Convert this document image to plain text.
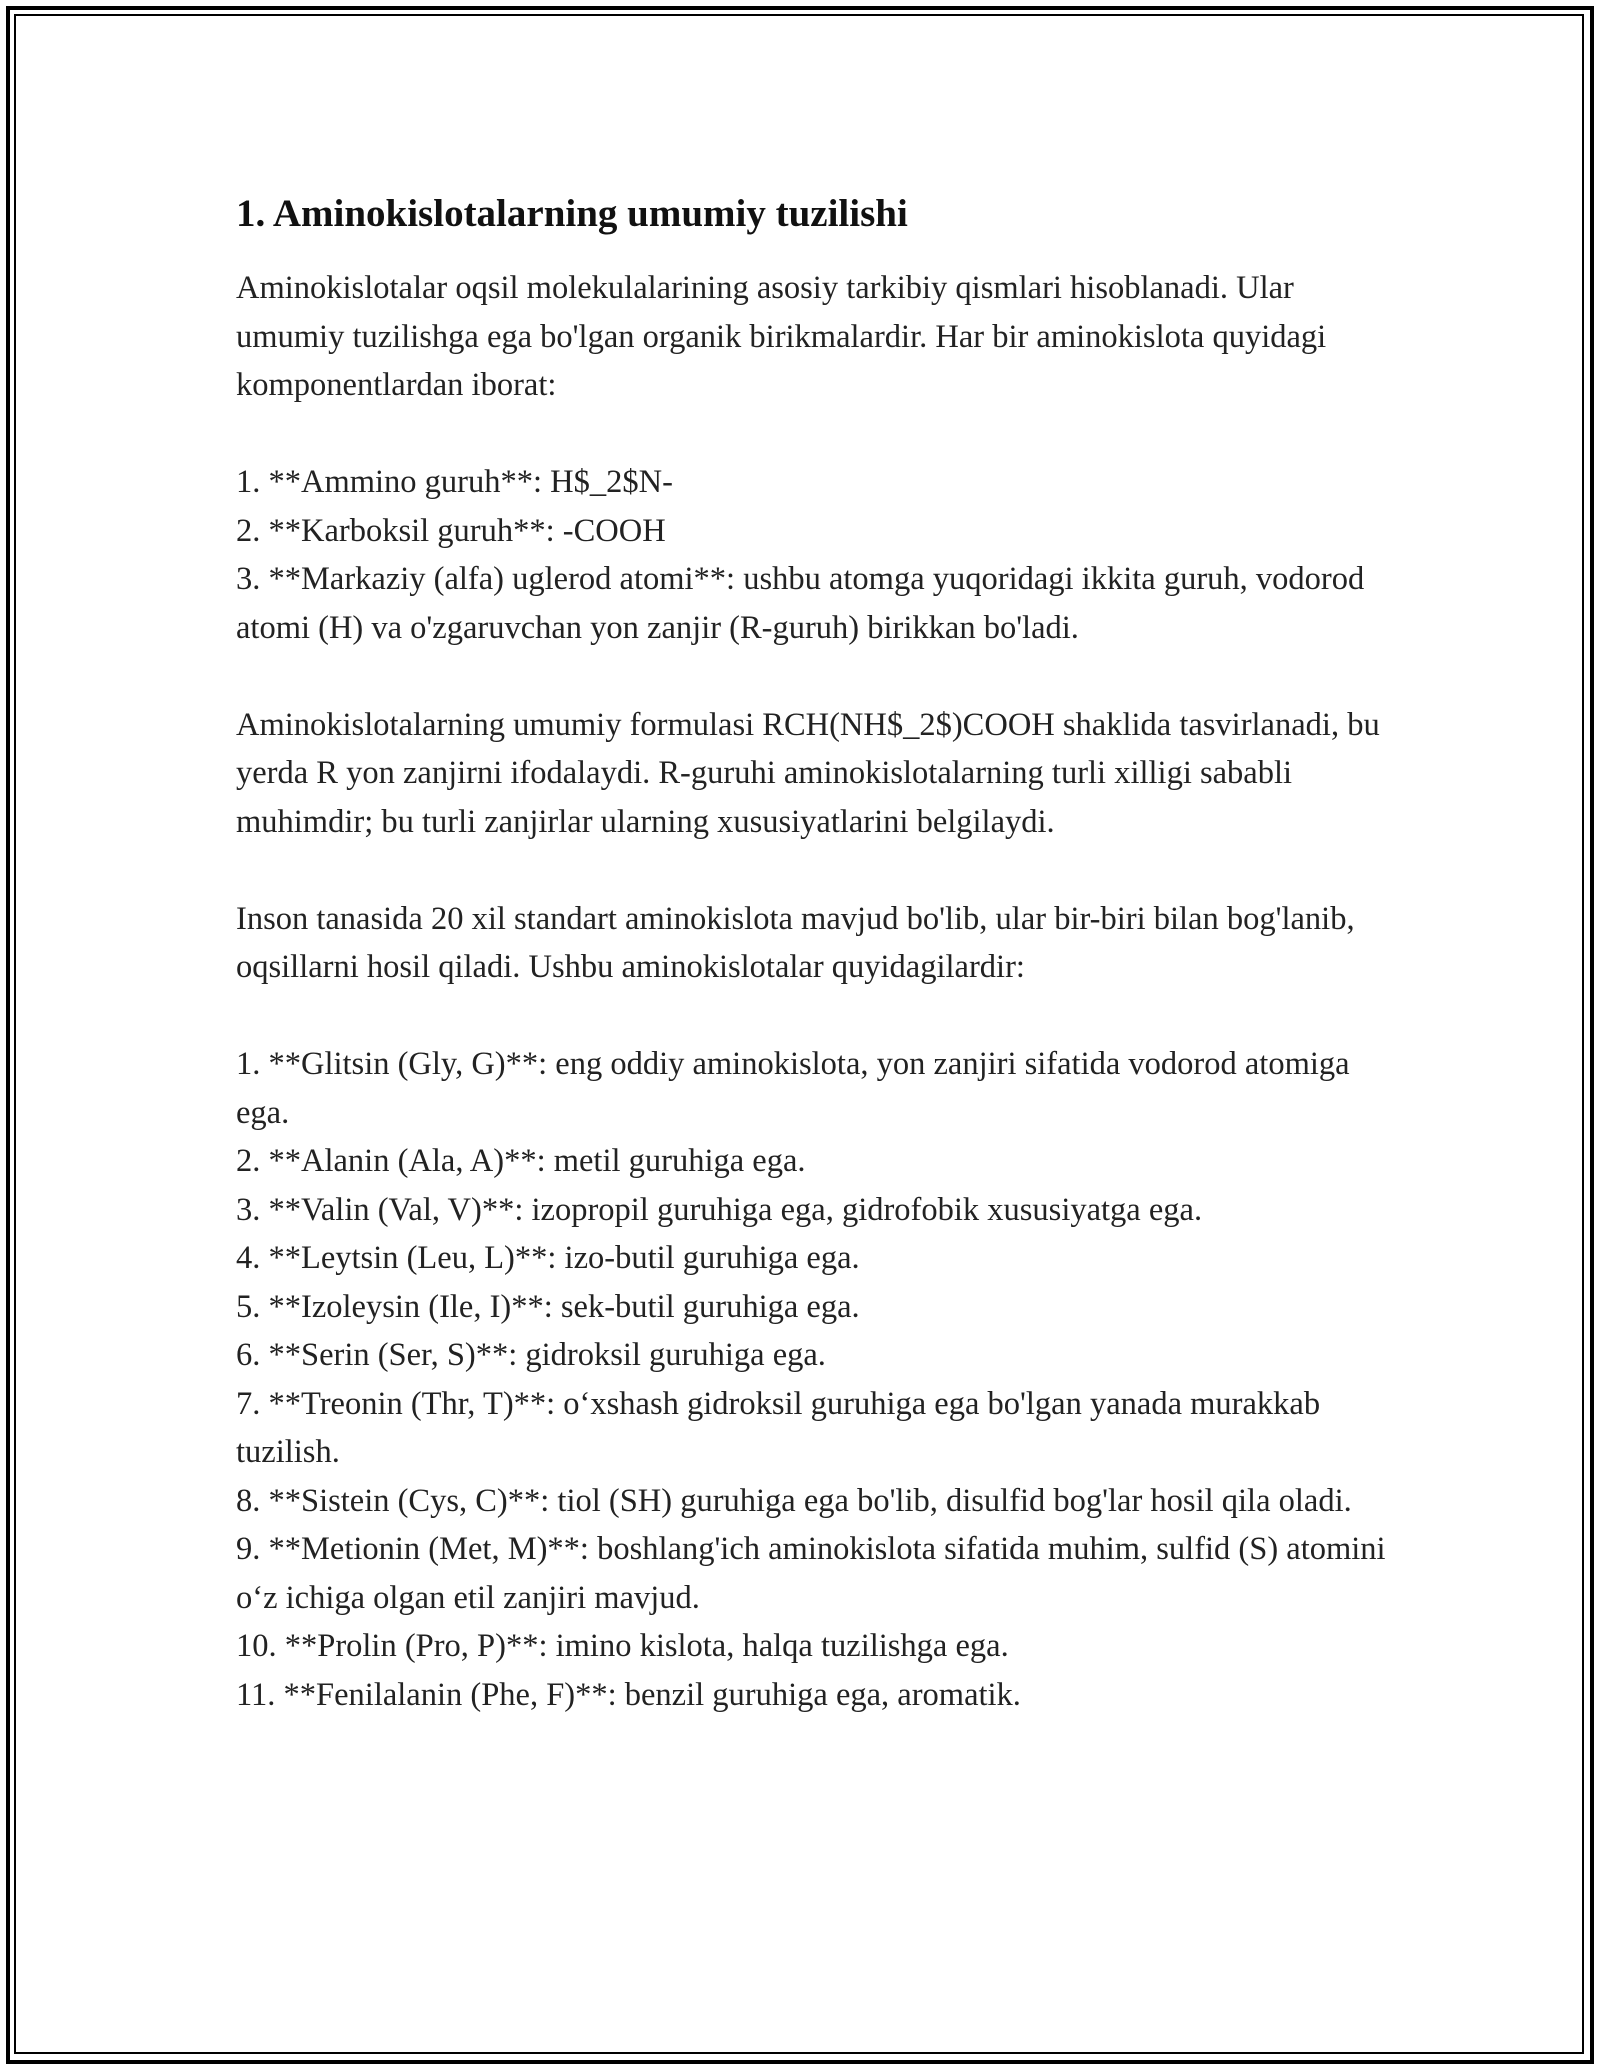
1. Aminokislotalarning umumiy tuzilishi

Aminokislotalar oqsil molekulalarining asosiy tarkibiy qismlari hisoblanadi. Ular umumiy tuzilishga ega bo'lgan organik birikmalardir. Har bir aminokislota quyidagi komponentlardan iborat:

1. **Ammino guruh**: H$_2$N-
2. **Karboksil guruh**: -COOH
3. **Markaziy (alfa) uglerod atomi**: ushbu atomga yuqoridagi ikkita guruh, vodorod atomi (H) va o'zgaruvchan yon zanjir (R-guruh) birikkan bo'ladi.

Aminokislotalarning umumiy formulasi RCH(NH$_2$)COOH shaklida tasvirlanadi, bu yerda R yon zanjirni ifodalaydi. R-guruhi aminokislotalarning turli xilligi sababli muhimdir; bu turli zanjirlar ularning xususiyatlarini belgilaydi.

Inson tanasida 20 xil standart aminokislota mavjud bo'lib, ular bir-biri bilan bog'lanib, oqsillarni hosil qiladi. Ushbu aminokislotalar quyidagilardir:

1. **Glitsin (Gly, G)**: eng oddiy aminokislota, yon zanjiri sifatida vodorod atomiga ega.
2. **Alanin (Ala, A)**: metil guruhiga ega.
3. **Valin (Val, V)**: izopropil guruhiga ega, gidrofobik xususiyatga ega.
4. **Leytsin (Leu, L)**: izo-butil guruhiga ega.
5. **Izoleysin (Ile, I)**: sek-butil guruhiga ega.
6. **Serin (Ser, S)**: gidroksil guruhiga ega.
7. **Treonin (Thr, T)**: o‘xshash gidroksil guruhiga ega bo'lgan yanada murakkab tuzilish.
8. **Sistein (Cys, C)**: tiol (SH) guruhiga ega bo'lib, disulfid bog'lar hosil qila oladi.
9. **Metionin (Met, M)**: boshlang'ich aminokislota sifatida muhim, sulfid (S) atomini o‘z ichiga olgan etil zanjiri mavjud.
10. **Prolin (Pro, P)**: imino kislota, halqa tuzilishga ega.
11. **Fenilalanin (Phe, F)**: benzil guruhiga ega, aromatik.
